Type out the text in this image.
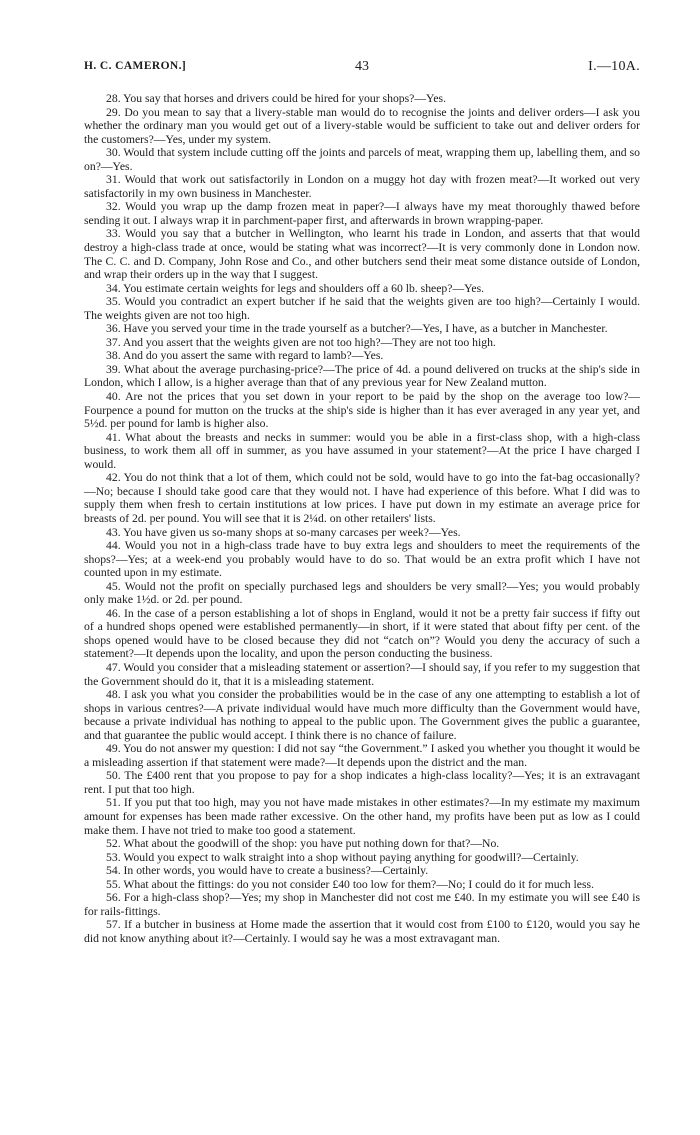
H. C. CAMERON.]	43	I.—10A.

28. You say that horses and drivers could be hired for your shops?—Yes.

29. Do you mean to say that a livery-stable man would do to recognise the joints and deliver orders—I ask you whether the ordinary man you would get out of a livery-stable would be sufficient to take out and deliver orders for the customers?—Yes, under my system.

30. Would that system include cutting off the joints and parcels of meat, wrapping them up, labelling them, and so on?—Yes.

31. Would that work out satisfactorily in London on a muggy hot day with frozen meat?—It worked out very satisfactorily in my own business in Manchester.

32. Would you wrap up the damp frozen meat in paper?—I always have my meat thoroughly thawed before sending it out. I always wrap it in parchment-paper first, and afterwards in brown wrapping-paper.

33. Would you say that a butcher in Wellington, who learnt his trade in London, and asserts that that would destroy a high-class trade at once, would be stating what was incorrect?—It is very commonly done in London now. The C. C. and D. Company, John Rose and Co., and other butchers send their meat some distance outside of London, and wrap their orders up in the way that I suggest.

34. You estimate certain weights for legs and shoulders off a 60 lb. sheep?—Yes.

35. Would you contradict an expert butcher if he said that the weights given are too high?—Certainly I would. The weights given are not too high.

36. Have you served your time in the trade yourself as a butcher?—Yes, I have, as a butcher in Manchester.

37. And you assert that the weights given are not too high?—They are not too high.

38. And do you assert the same with regard to lamb?—Yes.

39. What about the average purchasing-price?—The price of 4d. a pound delivered on trucks at the ship's side in London, which I allow, is a higher average than that of any previous year for New Zealand mutton.

40. Are not the prices that you set down in your report to be paid by the shop on the average too low?—Fourpence a pound for mutton on the trucks at the ship's side is higher than it has ever averaged in any year yet, and 5½d. per pound for lamb is higher also.

41. What about the breasts and necks in summer: would you be able in a first-class shop, with a high-class business, to work them all off in summer, as you have assumed in your statement?—At the price I have charged I would.

42. You do not think that a lot of them, which could not be sold, would have to go into the fat-bag occasionally?—No; because I should take good care that they would not. I have had experience of this before. What I did was to supply them when fresh to certain institutions at low prices. I have put down in my estimate an average price for breasts of 2d. per pound. You will see that it is 2¼d. on other retailers' lists.

43. You have given us so-many shops at so-many carcases per week?—Yes.

44. Would you not in a high-class trade have to buy extra legs and shoulders to meet the requirements of the shops?—Yes; at a week-end you probably would have to do so. That would be an extra profit which I have not counted upon in my estimate.

45. Would not the profit on specially purchased legs and shoulders be very small?—Yes; you would probably only make 1½d. or 2d. per pound.

46. In the case of a person establishing a lot of shops in England, would it not be a pretty fair success if fifty out of a hundred shops opened were established permanently—in short, if it were stated that about fifty per cent. of the shops opened would have to be closed because they did not “catch on”? Would you deny the accuracy of such a statement?—It depends upon the locality, and upon the person conducting the business.

47. Would you consider that a misleading statement or assertion?—I should say, if you refer to my suggestion that the Government should do it, that it is a misleading statement.

48. I ask you what you consider the probabilities would be in the case of any one attempting to establish a lot of shops in various centres?—A private individual would have much more difficulty than the Government would have, because a private individual has nothing to appeal to the public upon. The Government gives the public a guarantee, and that guarantee the public would accept. I think there is no chance of failure.

49. You do not answer my question: I did not say “the Government.” I asked you whether you thought it would be a misleading assertion if that statement were made?—It depends upon the district and the man.

50. The £400 rent that you propose to pay for a shop indicates a high-class locality?—Yes; it is an extravagant rent. I put that too high.

51. If you put that too high, may you not have made mistakes in other estimates?—In my estimate my maximum amount for expenses has been made rather excessive. On the other hand, my profits have been put as low as I could make them. I have not tried to make too good a statement.

52. What about the goodwill of the shop: you have put nothing down for that?—No.

53. Would you expect to walk straight into a shop without paying anything for goodwill?—Certainly.

54. In other words, you would have to create a business?—Certainly.

55. What about the fittings: do you not consider £40 too low for them?—No; I could do it for much less.

56. For a high-class shop?—Yes; my shop in Manchester did not cost me £40. In my estimate you will see £40 is for rails-fittings.

57. If a butcher in business at Home made the assertion that it would cost from £100 to £120, would you say he did not know anything about it?—Certainly. I would say he was a most extravagant man.
